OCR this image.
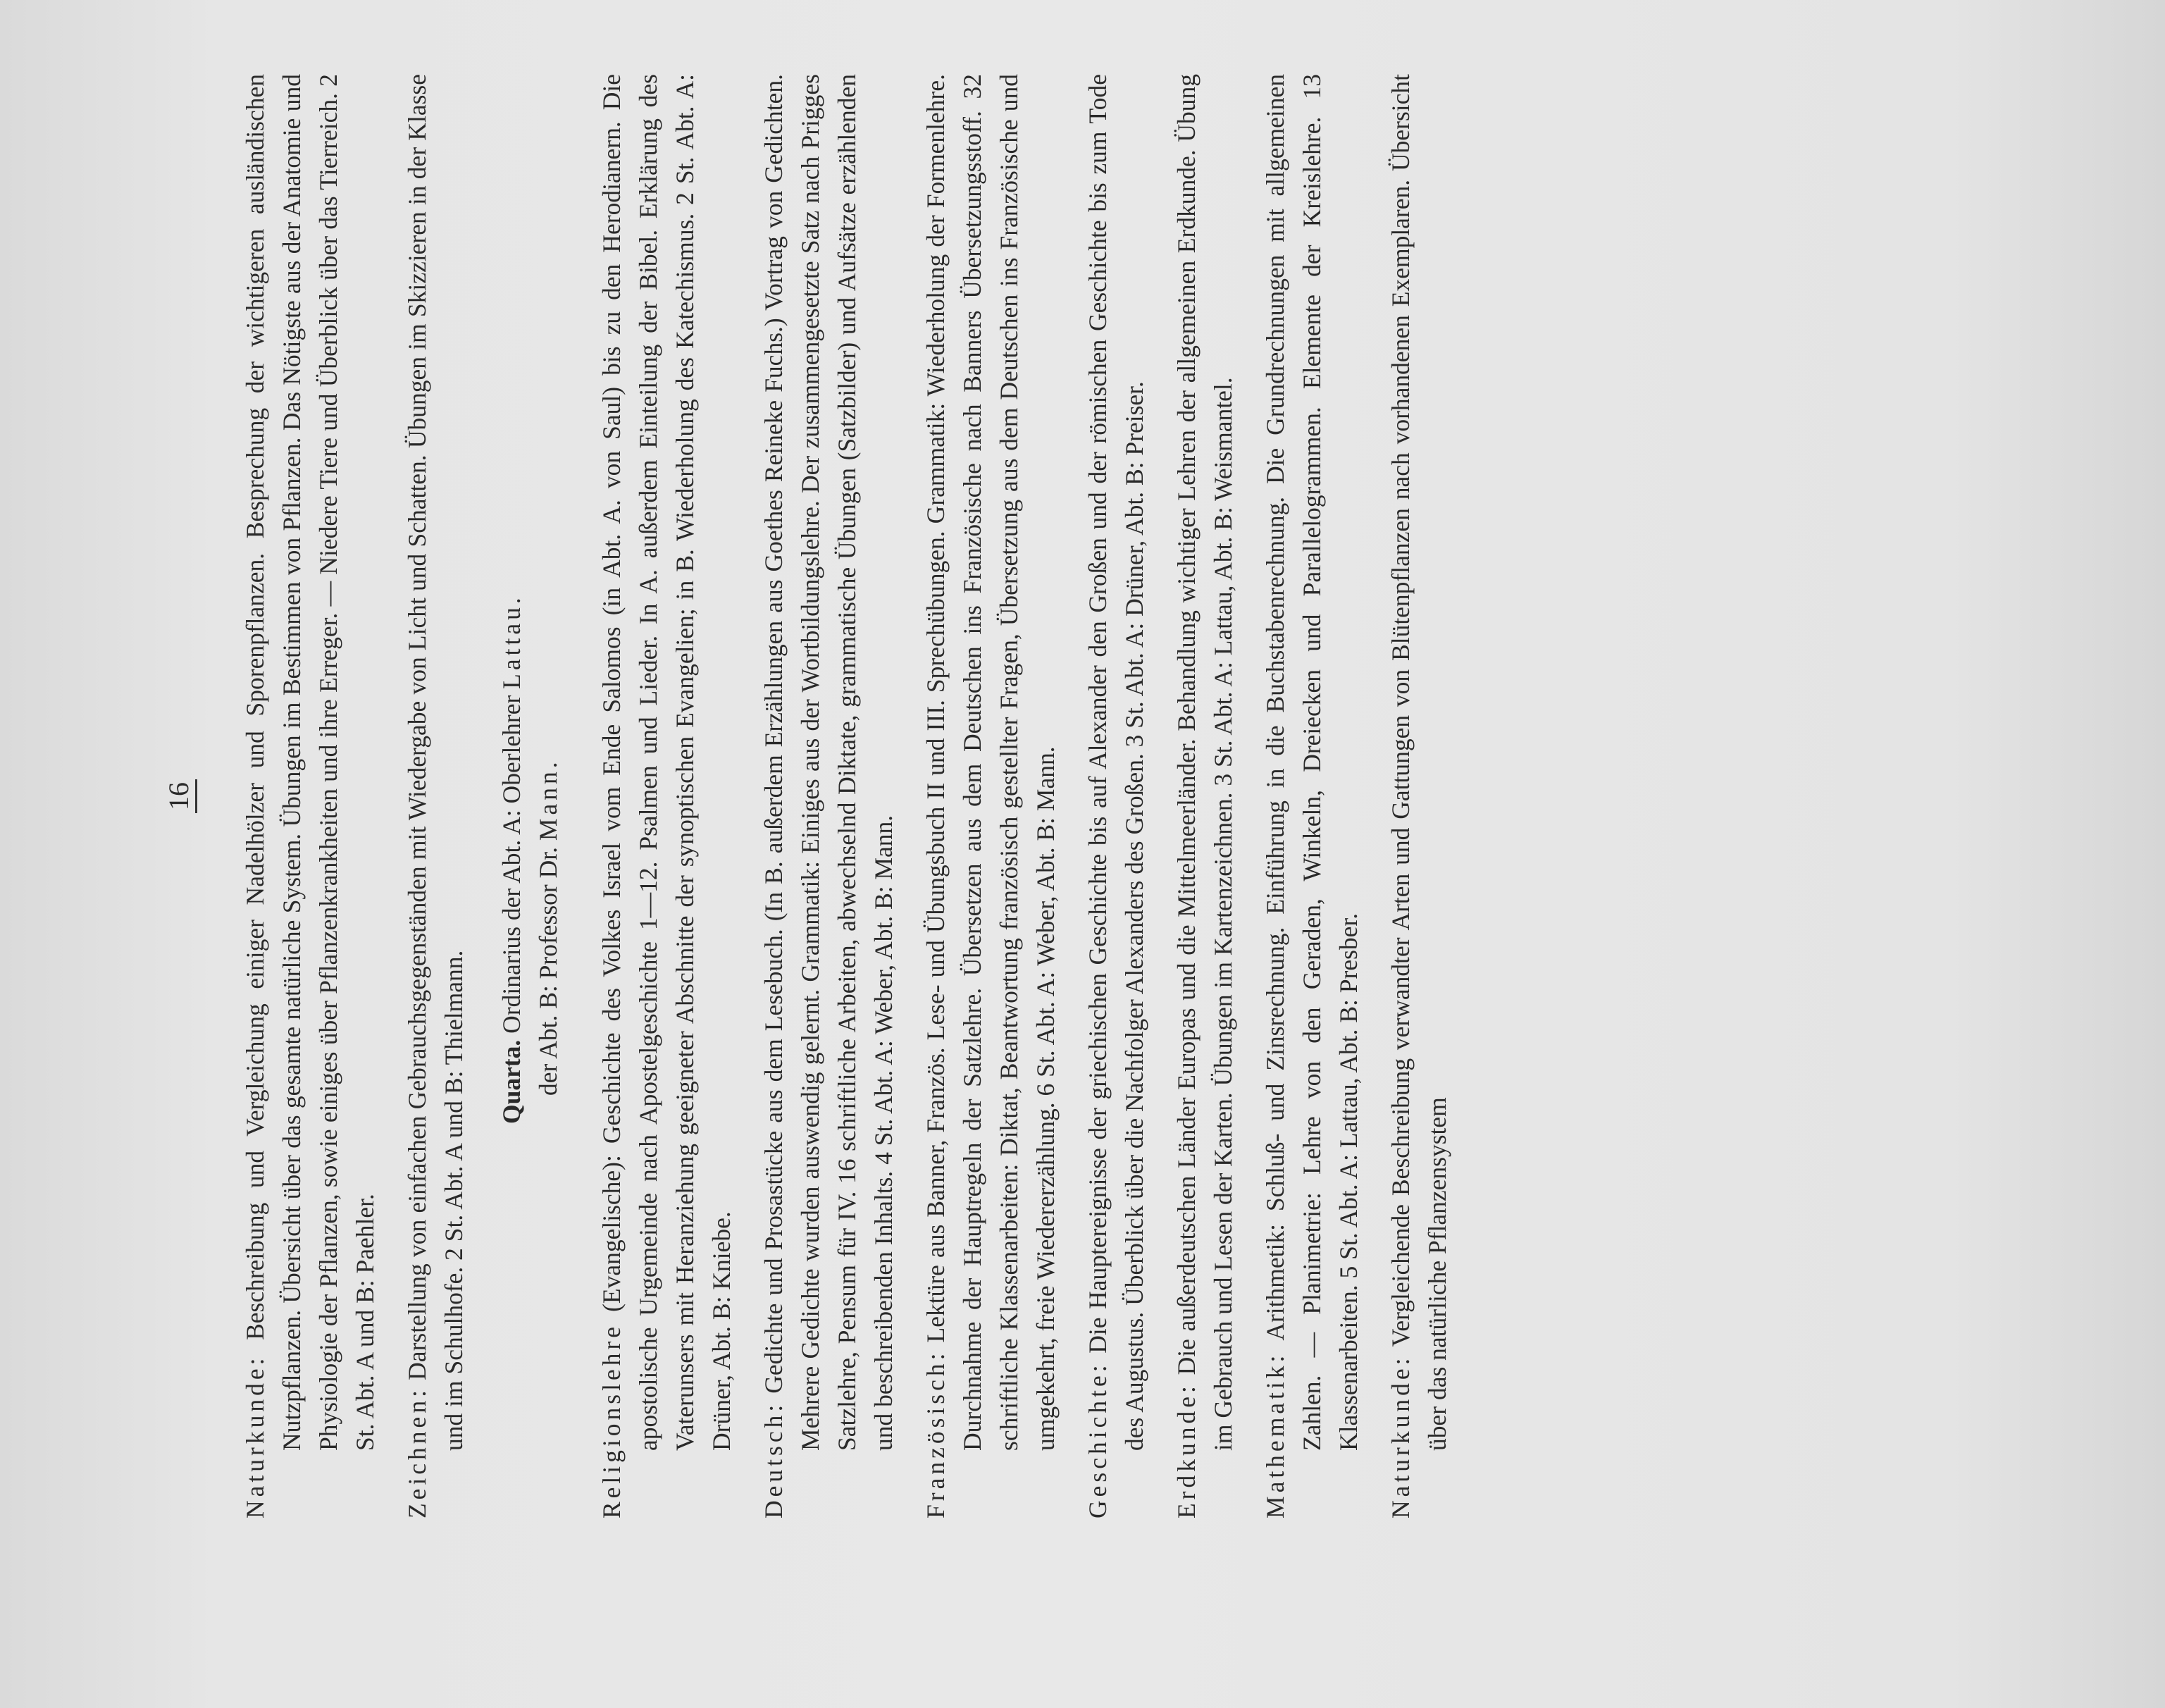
16

Naturkunde: Beschreibung und Vergleichung einiger Nadelhölzer und Sporenpflanzen. Besprechung der wichtigeren ausländischen Nutzpflanzen. Übersicht über das gesamte natürliche System. Übungen im Bestimmen von Pflanzen. Das Nötigste aus der Anatomie und Physiologie der Pflanzen, sowie einiges über Pflanzenkrankheiten und ihre Erreger. — Niedere Tiere und Überblick über das Tierreich. 2 St. Abt. A und B: Paehler.

Zeichnen: Darstellung von einfachen Gebrauchsgegenständen mit Wiedergabe von Licht und Schatten. Übungen im Skizzieren in der Klasse und im Schulhofe. 2 St. Abt. A und B: Thielmann. Quarta. Ordinarius der Abt. A: Oberlehrer Lattau.
der Abt. B: Professor Dr. Mann.

Religionslehre (Evangelische): Geschichte des Volkes Israel vom Ende Salomos (in Abt. A. von Saul) bis zu den Herodianern. Die apostolische Urgemeinde nach Apostelgeschichte 1—12. Psalmen und Lieder. In A. außerdem Einteilung der Bibel. Erklärung des Vaterunsers mit Heranziehung geeigneter Abschnitte der synoptischen Evangelien; in B. Wiederholung des Katechismus. 2 St. Abt. A: Drüner, Abt. B: Kniebe.

Deutsch: Gedichte und Prosastücke aus dem Lesebuch. (In B. außerdem Erzählungen aus Goethes Reineke Fuchs.) Vortrag von Gedichten. Mehrere Gedichte wurden auswendig gelernt. Grammatik: Einiges aus der Wortbildungslehre. Der zusammengesetzte Satz nach Prigges Satzlehre, Pensum für IV. 16 schriftliche Arbeiten, abwechselnd Diktate, grammatische Übungen (Satzbilder) und Aufsätze erzählenden und beschreibenden Inhalts. 4 St. Abt. A: Weber, Abt. B: Mann. Französisch: Lektüre aus Banner, Französ. Lese- und Übungsbuch II und III. Sprechübungen. Grammatik: Wiederholung der Formenlehre. Durchnahme der Hauptregeln der Satzlehre. Übersetzen aus dem Deutschen ins Französische nach Banners Übersetzungsstoff. 32 schriftliche Klassenarbeiten: Diktat, Beantwortung französisch gestellter Fragen, Übersetzung aus dem Deutschen ins Französische und umgekehrt, freie Wiedererzählung. 6 St. Abt. A: Weber, Abt. B: Mann. Geschichte: Die Hauptereignisse der griechischen Geschichte bis auf Alexander den Großen und der römischen Geschichte bis zum Tode des Augustus. Überblick über die Nachfolger Alexanders des Großen. 3 St. Abt. A: Drüner, Abt. B: Preiser. Erdkunde: Die außerdeutschen Länder Europas und die Mittelmeerländer. Behandlung wichtiger Lehren der allgemeinen Erdkunde. Übung im Gebrauch und Lesen der Karten. Übungen im Kartenzeichnen. 3 St. Abt. A: Lattau, Abt. B: Weismantel. Mathematik: Arithmetik: Schluß- und Zinsrechnung. Einführung in die Buchstabenrechnung. Die Grundrechnungen mit allgemeinen Zahlen. — Planimetrie: Lehre von den Geraden, Winkeln, Dreiecken und Parallelogrammen. Elemente der Kreislehre. 13 Klassenarbeiten. 5 St. Abt. A: Lattau, Abt. B: Presber. Naturkunde: Vergleichende Beschreibung verwandter Arten und Gattungen von Blütenpflanzen nach vorhandenen Exemplaren. Übersicht über das natürliche Pflanzensystem
